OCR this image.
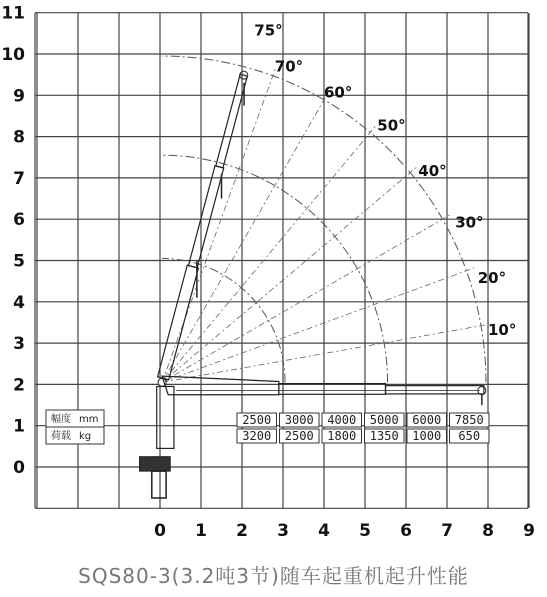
0 1 2 3 4 5 6 7 8 9
0
1
2
3
4
5
6
7
8
9
10
11
75°
70°
60°
50°
40°
30°
20°
10°
幅度 mm
荷载 kg
2500 3000 4000 5000 6000 7850
3200 2500 1800 1350 1000 650
SQS80-3(3.2吨3节)随车起重机起升性能
